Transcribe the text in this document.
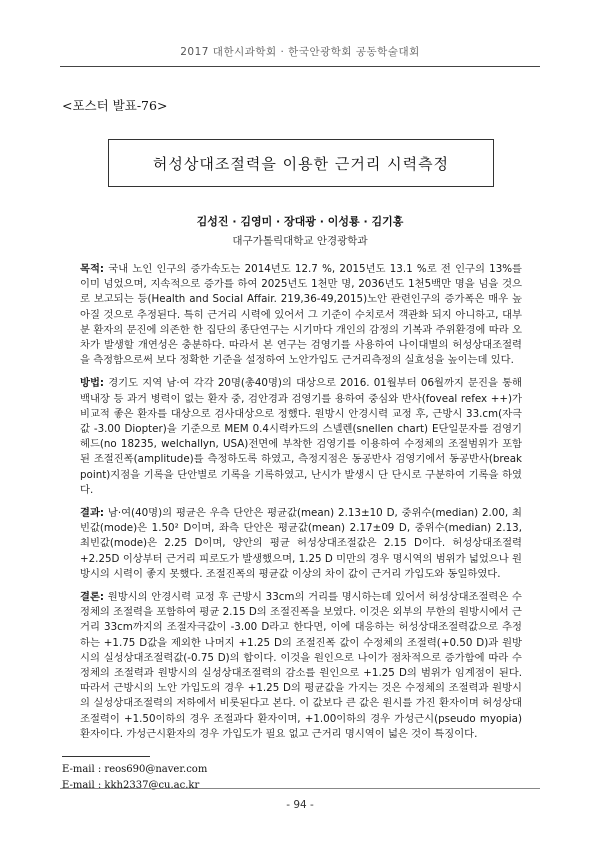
2017 대한시과학회 · 한국안광학회 공동학술대회
<포스터 발표-76>
허성상대조절력을 이용한 근거리 시력측정
김성진 · 김영미 · 장대광 · 이성룡 · 김기홍
대구가톨릭대학교 안경광학과

목적: 국내 노인 인구의 증가속도는 2014년도 12.7 %, 2015년도 13.1 %로 전 인구의 13%를 이미 넘었으며, 지속적으로 증가를 하여 2025년도 1천만 명, 2036년도 1천5백만 명을 넘을 것으로 보고되는 등(Health and Social Affair. 219,36-49,2015)노안 관련인구의 증가폭은 매우 높아질 것으로 추정된다. 특히 근거리 시력에 있어서 그 기준이 수치로서 객관화 되지 아니하고, 대부분 환자의 문진에 의존한 한 집단의 종단연구는 시기마다 개인의 감정의 기복과 주위환경에 따라 오차가 발생할 개연성은 충분하다. 따라서 본 연구는 검영기를 사용하여 나이대별의 허성상대조절력을 측정함으로써 보다 정확한 기준을 설정하여 노안가입도 근거리측정의 실효성을 높이는데 있다.

방법: 경기도 지역 남·여 각각 20명(총40명)의 대상으로 2016. 01월부터 06월까지 문진을 통해 백내장 등 과거 병력이 없는 환자 중, 검안경과 검영기를 용하여 중심와 반사(foveal refex ++)가 비교적 좋은 환자를 대상으로 검사대상으로 정했다. 원방시 안경시력 교정 후, 근방시 33.cm(자극값 -3.00 Diopter)을 기준으로 MEM 0.4시력카드의 스넬렌(snellen chart) E단일문자를 검영기헤드(no 18235, welchallyn, USA)전면에 부착한 검영기를 이용하여 수정체의 조절범위가 포함된 조절진폭(amplitude)를 측정하도록 하였고, 측정지점은 동공반사 검영기에서 동공반사(break point)지점을 기록을 단안별로 기록을 기록하였고, 난시가 발생시 단 단시로 구분하여 기록을 하였다.

결과: 남·여(40명)의 평균은 우측 단안은 평균값(mean) 2.13±10 D, 중위수(median) 2.00, 최빈값(mode)은 1.50² D이며, 좌측 단안은 평균값(mean) 2.17±09 D, 중위수(median) 2.13, 최빈값(mode)은 2.25 D이며, 양안의 평균 허성상대조절값은 2.15 D이다. 허성상대조절력 +2.25D 이상부터 근거리 피로도가 발생했으며, 1.25 D 미만의 경우 명시역의 범위가 넓었으나 원방시의 시력이 좋지 못했다. 조절진폭의 평균값 이상의 차이 값이 근거리 가입도와 동일하였다.

결론: 원방시의 안경시력 교정 후 근방시 33cm의 거리를 명시하는데 있어서 허성상대조절력은 수정체의 조절력을 포함하여 평균 2.15 D의 조절진폭을 보였다. 이것은 외부의 무한의 원방시에서 근거리 33cm까지의 조절자극값이 -3.00 D라고 한다면, 이에 대응하는 허성상대조절력값으로 추정하는 +1.75 D값을 제외한 나머지 +1.25 D의 조절진폭 값이 수정체의 조절력(+0.50 D)과 원방시의 실성상대조절력값(-0.75 D)의 합이다. 이것을 원인으로 나이가 점차적으로 증가함에 따라 수정체의 조절력과 원방시의 실성상대조절력의 감소를 원인으로 +1.25 D의 범위가 임계점이 된다. 따라서 근방시의 노안 가입도의 경우 +1.25 D의 평균값을 가지는 것은 수정체의 조절력과 원방시의 실성상대조절력의 저하에서 비롯된다고 본다. 이 값보다 큰 값은 원시를 가진 환자이며 허성상대조절력이 +1.50이하의 경우 조절과다 환자이며, +1.00이하의 경우 가성근시(pseudo myopia) 환자이다. 가성근시환자의 경우 가입도가 필요 없고 근거리 명시역이 넓은 것이 특징이다.

E-mail : reos690@naver.com
E-mail : kkh2337@cu.ac.kr
- 94 -
